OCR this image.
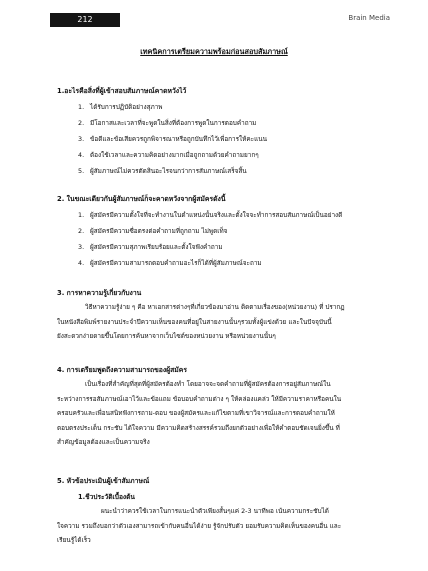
212	Brain Media
เทคนิคการเตรียมความพร้อมก่อนสอบสัมภาษณ์
1.อะไรคือสิ่งที่ผู้เข้าสอบสัมภาษณ์คาดหวังไว้
1. ได้รับการปฏิบัติอย่างสุภาพ
2. มีโอกาสและเวลาที่จะพูดในสิ่งที่ต้องการพูดในการตอบคำถาม
3. ข้อดีและข้อเสียควรถูกพิจารณาหรือถูกบันทึกไว้เพื่อการให้คะแนน
4. ต้องใช้เวลาและความคิดอย่างมากเมื่อถูกถามด้วยคำถามยากๆ
5. ผู้สัมภาษณ์ไม่ควรตัดสินอะไรจนกว่าการสัมภาษณ์เสร็จสิ้น
2. ในขณะเดียวกันผู้สัมภาษณ์ก็จะคาดหวังจากผู้สมัครดังนี้
1. ผู้สมัครมีความตั้งใจที่จะทำงานในตำแหน่งนั้นจริงและตั้งใจจะทำการสอบสัมภาษณ์เป็นอย่างดี
2. ผู้สมัครมีความซื่อตรงต่อคำถามที่ถูกถาม ไม่พูดเท็จ
3. ผู้สมัครมีความสุภาพเรียบร้อยและตั้งใจฟังคำถาม
4. ผู้สมัครมีความสามารถตอบคำถามอะไรก็ได้ที่ผู้สัมภาษณ์จะถาม
3. การหาความรู้เกี่ยวกับงาน
วิธีหาความรู้ง่าย ๆ คือ หาเอกสารต่างๆที่เกี่ยวข้องมาอ่าน ติดตามเรื่องของ(หน่วยงาน) ที่ ปรากฏ
ในหนังสือพิมพ์รายงานประจำปีความเห็นของคนที่อยู่ในสายงานนั้นๆรวมทั้งผู้แข่งด้วย และในปัจจุบันนี้
ยังสะดวกง่ายดายขึ้นโดยการค้นหาจากเว็บไซต์ของหน่วยงาน หรือหน่วยงานนั้นๆ
4. การเตรียมพูดถึงความสามารถของผู้สมัคร
เป็นเรื่องที่สำคัญที่สุดที่ผู้สมัครต้องทำ โดยอาจจะจดคำถามที่ผู้สมัครต้องการอยู่สัมภาษณ์ใน
ระหว่างการรอสัมภาษณ์เอาไว้และข้อแถม ข้อบอบคำถามต่าง ๆ ให้คล่องแคล่ว ให้มีความราคาหรือคนใน
ครอบครัวและเพื่อนสนิทฟังการถาม-ตอบ ของผู้สมัครและแก้ไขตามที่เขาวิจารณ์และการตอบคำถามให้
ตอบตรงประเด็น กระชับ ได้ใจความ มีความคิดสร้างสรรค์รวมถึงยกตัวอย่างเพื่อให้คำตอบชัดเจนยิ่งขึ้น ที่
สำคัญข้อมูลต้องและเป็นความจริง
5. หัวข้อประเมินผู้เข้าสัมภาษณ์
1.ชีวประวัติเบื้องต้น
ผนะนำว่าควรใช้เวลาในการแนะนำตัวเพียงสั้นๆแค่ 2-3 นาทีพอ เน้นความกระชับได้
ใจความ รวมถึงบอกว่าตัวเองสามารถเข้ากับคนอื่นได้ง่าย รู้จักปรับตัว ยอมรับความคิดเห็นของคนอื่น และ
เรียนรู้ได้เร็ว
